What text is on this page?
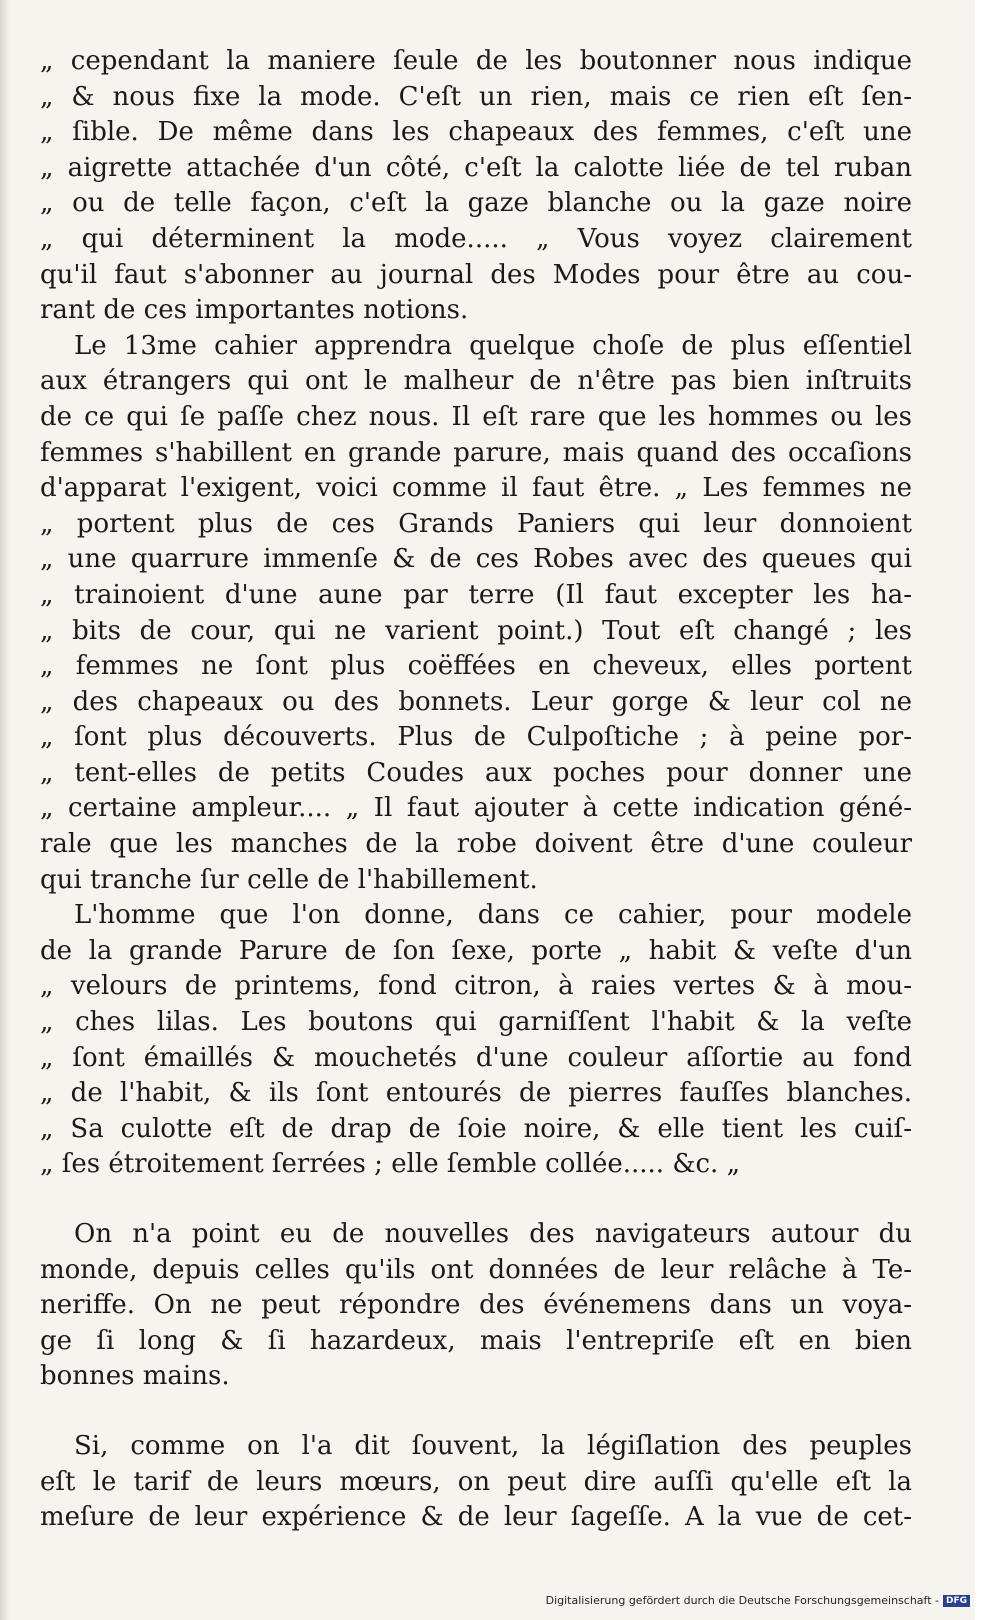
„ cependant la maniere ſeule de les boutonner nous indique
„ & nous fixe la mode. C'eſt un rien, mais ce rien eſt ſen-
„ ſible. De même dans les chapeaux des femmes, c'eſt une
„ aigrette attachée d'un côté, c'eſt la calotte liée de tel ruban
„ ou de telle façon, c'eſt la gaze blanche ou la gaze noire
„ qui déterminent la mode..... „ Vous voyez clairement
qu'il faut s'abonner au journal des Modes pour être au cou-
rant de ces importantes notions.
Le 13me cahier apprendra quelque choſe de plus eſſentiel
aux étrangers qui ont le malheur de n'être pas bien inſtruits
de ce qui ſe paſſe chez nous. Il eſt rare que les hommes ou les
femmes s'habillent en grande parure, mais quand des occaſions
d'apparat l'exigent, voici comme il faut être. „ Les femmes ne
„ portent plus de ces Grands Paniers qui leur donnoient
„ une quarrure immenſe & de ces Robes avec des queues qui
„ trainoient d'une aune par terre (Il faut excepter les ha-
„ bits de cour, qui ne varient point.) Tout eſt changé ; les
„ femmes ne ſont plus coëffées en cheveux, elles portent
„ des chapeaux ou des bonnets. Leur gorge & leur col ne
„ ſont plus découverts. Plus de Culpoſtiche ; à peine por-
„ tent-elles de petits Coudes aux poches pour donner une
„ certaine ampleur.... „ Il faut ajouter à cette indication géné-
rale que les manches de la robe doivent être d'une couleur
qui tranche ſur celle de l'habillement.
L'homme que l'on donne, dans ce cahier, pour modele
de la grande Parure de ſon ſexe, porte „ habit & veſte d'un
„ velours de printems, fond citron, à raies vertes & à mou-
„ ches lilas. Les boutons qui garniſſent l'habit & la veſte
„ ſont émaillés & mouchetés d'une couleur aſſortie au fond
„ de l'habit, & ils ſont entourés de pierres fauſſes blanches.
„ Sa culotte eſt de drap de ſoie noire, & elle tient les cuiſ-
„ ſes étroitement ſerrées ; elle ſemble collée..... &c. „
On n'a point eu de nouvelles des navigateurs autour du
monde, depuis celles qu'ils ont données de leur relâche à Te-
neriffe. On ne peut répondre des événemens dans un voya-
ge ſi long & ſi hazardeux, mais l'entrepriſe eſt en bien
bonnes mains.
Si, comme on l'a dit ſouvent, la légiſlation des peuples
eſt le tarif de leurs mœurs, on peut dire auſſi qu'elle eſt la
meſure de leur expérience & de leur ſageſſe. A la vue de cet-
Digitalisierung gefördert durch die Deutsche Forschungsgemeinschaft - DFG
